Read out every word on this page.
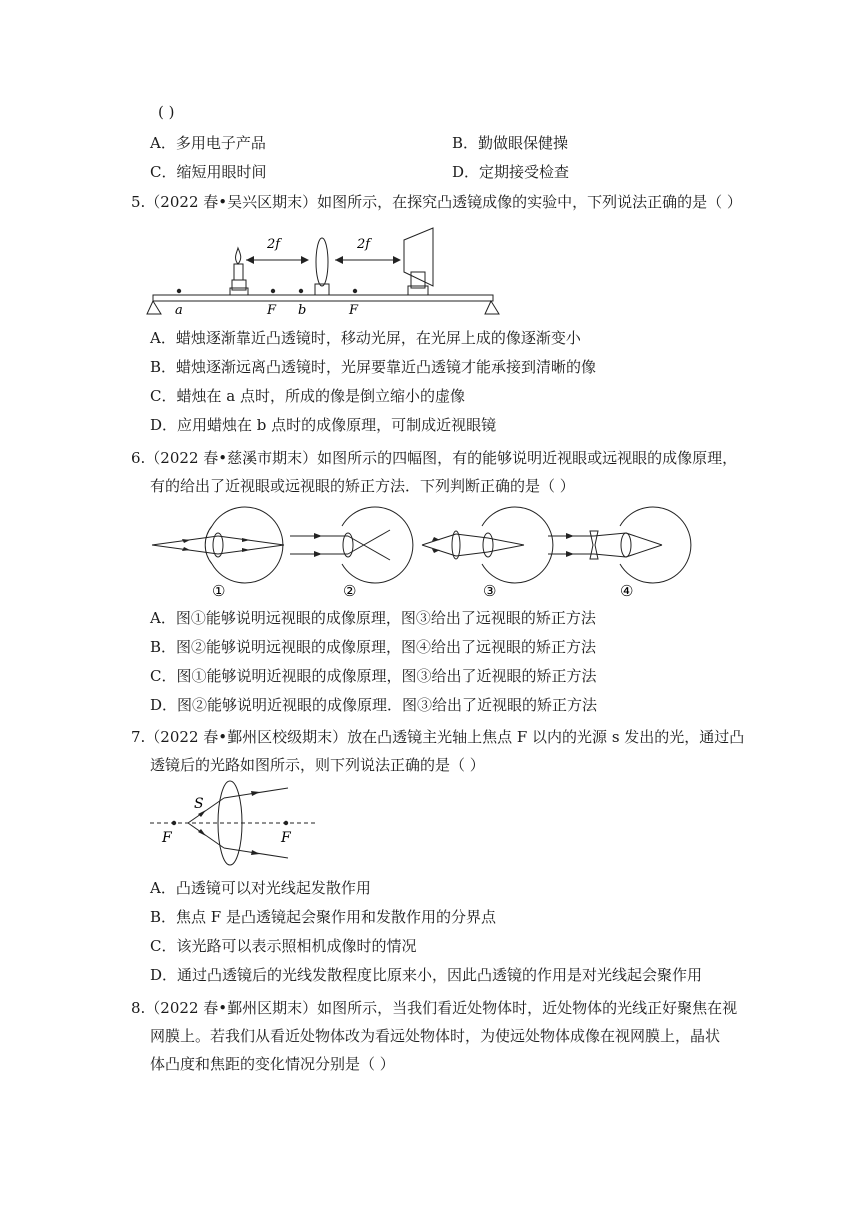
( )
A．多用电子产品	B．勤做眼保健操
C．缩短用眼时间	D．定期接受检查
5.（2022 春•吴兴区期末）如图所示，在探究凸透镜成像的实验中，下列说法正确的是（ ）
2f	2f
a	F b	F
A．蜡烛逐渐靠近凸透镜时，移动光屏，在光屏上成的像逐渐变小
B．蜡烛逐渐远离凸透镜时，光屏要靠近凸透镜才能承接到清晰的像
C．蜡烛在 a 点时，所成的像是倒立缩小的虚像
D．应用蜡烛在 b 点时的成像原理，可制成近视眼镜
6.（2022 春•慈溪市期末）如图所示的四幅图，有的能够说明近视眼或远视眼的成像原理，
有的给出了近视眼或远视眼的矫正方法．下列判断正确的是（ ）
①	②	③	④
A．图①能够说明远视眼的成像原理，图③给出了远视眼的矫正方法
B．图②能够说明远视眼的成像原理，图④给出了远视眼的矫正方法
C．图①能够说明近视眼的成像原理，图③给出了近视眼的矫正方法
D．图②能够说明近视眼的成像原理．图③给出了近视眼的矫正方法
7.（2022 春•鄞州区校级期末）放在凸透镜主光轴上焦点 F 以内的光源 s 发出的光，通过凸
透镜后的光路如图所示，则下列说法正确的是（ ）
S
F	F
A．凸透镜可以对光线起发散作用
B．焦点 F 是凸透镜起会聚作用和发散作用的分界点
C．该光路可以表示照相机成像时的情况
D．通过凸透镜后的光线发散程度比原来小，因此凸透镜的作用是对光线起会聚作用
8.（2022 春•鄞州区期末）如图所示，当我们看近处物体时，近处物体的光线正好聚焦在视
网膜上。若我们从看近处物体改为看远处物体时，为使远处物体成像在视网膜上，晶状
体凸度和焦距的变化情况分别是（ ）
